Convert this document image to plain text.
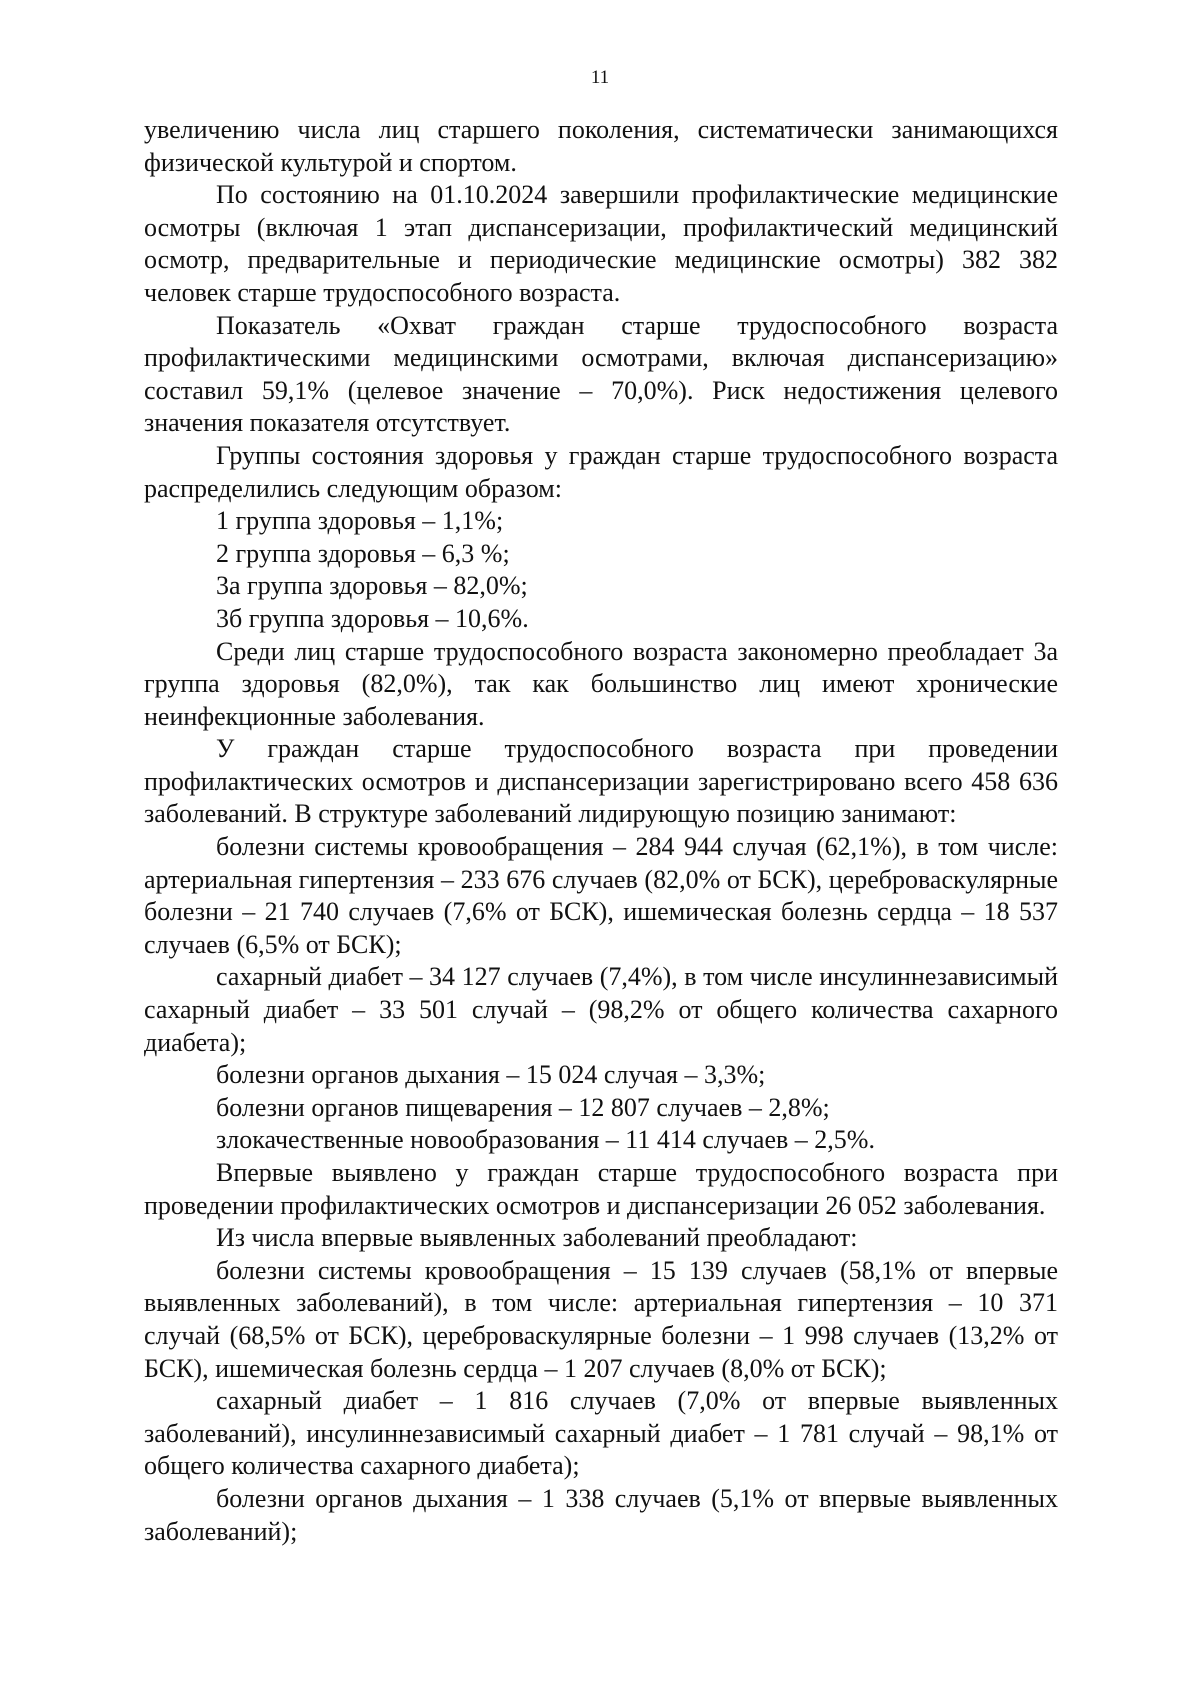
11

увеличению числа лиц старшего поколения, систематически занимающихся физической культурой и спортом.

По состоянию на 01.10.2024 завершили профилактические медицинские осмотры (включая 1 этап диспансеризации, профилактический медицинский осмотр, предварительные и периодические медицинские осмотры) 382 382 человек старше трудоспособного возраста.

Показатель «Охват граждан старше трудоспособного возраста профилактическими медицинскими осмотрами, включая диспансеризацию» составил 59,1% (целевое значение – 70,0%). Риск недостижения целевого значения показателя отсутствует.

Группы состояния здоровья у граждан старше трудоспособного возраста распределились следующим образом:

1 группа здоровья – 1,1%;

2 группа здоровья – 6,3 %;

3а группа здоровья – 82,0%;

3б группа здоровья – 10,6%.

Среди лиц старше трудоспособного возраста закономерно преобладает 3а группа здоровья (82,0%), так как большинство лиц имеют хронические неинфекционные заболевания.

У граждан старше трудоспособного возраста при проведении профилактических осмотров и диспансеризации зарегистрировано всего 458 636 заболеваний. В структуре заболеваний лидирующую позицию занимают:

болезни системы кровообращения – 284 944 случая (62,1%), в том числе: артериальная гипертензия – 233 676 случаев (82,0% от БСК), цереброваскулярные болезни – 21 740 случаев (7,6% от БСК), ишемическая болезнь сердца – 18 537 случаев (6,5% от БСК);

сахарный диабет – 34 127 случаев (7,4%), в том числе инсулиннезависимый сахарный диабет – 33 501 случай – (98,2% от общего количества сахарного диабета);

болезни органов дыхания – 15 024 случая – 3,3%;

болезни органов пищеварения – 12 807 случаев – 2,8%;

злокачественные новообразования – 11 414 случаев – 2,5%.

Впервые выявлено у граждан старше трудоспособного возраста при проведении профилактических осмотров и диспансеризации 26 052 заболевания.

Из числа впервые выявленных заболеваний преобладают:

болезни системы кровообращения – 15 139 случаев (58,1% от впервые выявленных заболеваний), в том числе: артериальная гипертензия – 10 371 случай (68,5% от БСК), цереброваскулярные болезни – 1 998 случаев (13,2% от БСК), ишемическая болезнь сердца – 1 207 случаев (8,0% от БСК);

сахарный диабет – 1 816 случаев (7,0% от впервые выявленных заболеваний), инсулиннезависимый сахарный диабет – 1 781 случай – 98,1% от общего количества сахарного диабета);

болезни органов дыхания – 1 338 случаев (5,1% от впервые выявленных заболеваний);
